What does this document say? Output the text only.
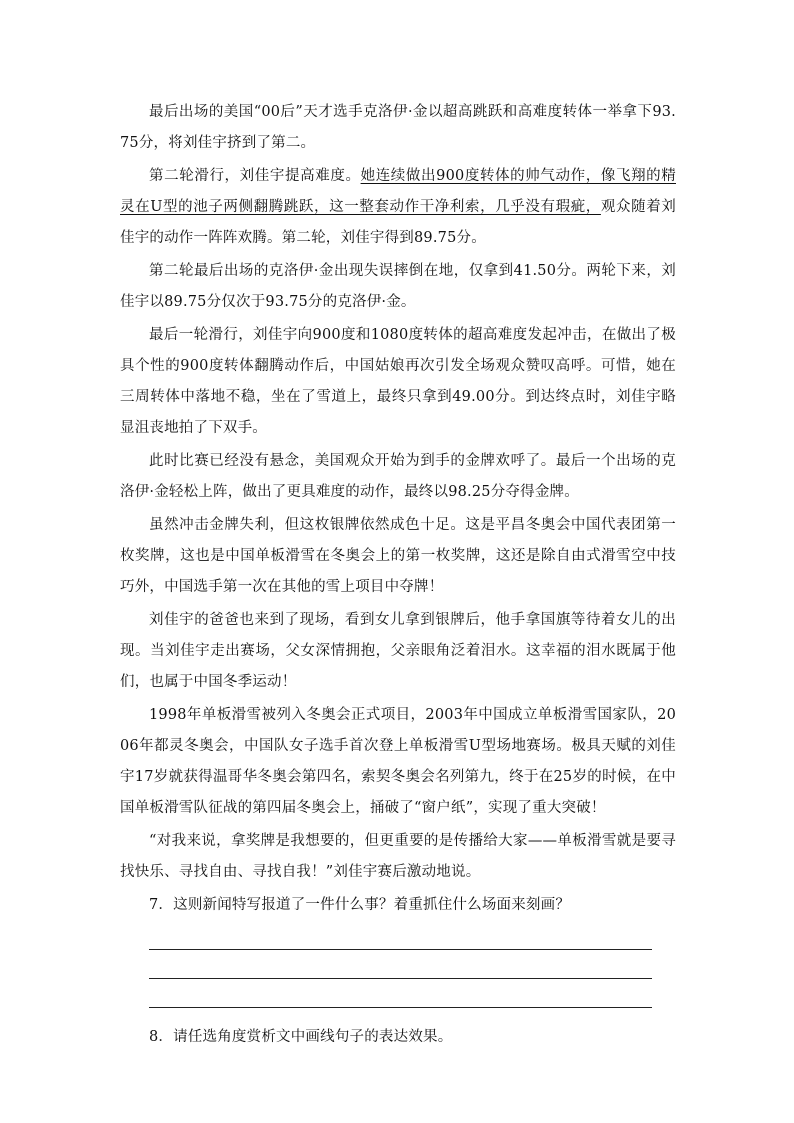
最后出场的美国“00后”天才选手克洛伊·金以超高跳跃和高难度转体一举拿下93.75分，将刘佳宇挤到了第二。

第二轮滑行，刘佳宇提高难度。她连续做出900度转体的帅气动作，像飞翔的精灵在U型的池子两侧翻腾跳跃，这一整套动作干净利索，几乎没有瑕疵，观众随着刘佳宇的动作一阵阵欢腾。第二轮，刘佳宇得到89.75分。

第二轮最后出场的克洛伊·金出现失误摔倒在地，仅拿到41.50分。两轮下来，刘佳宇以89.75分仅次于93.75分的克洛伊·金。

最后一轮滑行，刘佳宇向900度和1080度转体的超高难度发起冲击，在做出了极具个性的900度转体翻腾动作后，中国姑娘再次引发全场观众赞叹高呼。可惜，她在三周转体中落地不稳，坐在了雪道上，最终只拿到49.00分。到达终点时，刘佳宇略显沮丧地拍了下双手。

此时比赛已经没有悬念，美国观众开始为到手的金牌欢呼了。最后一个出场的克洛伊·金轻松上阵，做出了更具难度的动作，最终以98.25分夺得金牌。

虽然冲击金牌失利，但这枚银牌依然成色十足。这是平昌冬奥会中国代表团第一枚奖牌，这也是中国单板滑雪在冬奥会上的第一枚奖牌，这还是除自由式滑雪空中技巧外，中国选手第一次在其他的雪上项目中夺牌！

刘佳宇的爸爸也来到了现场，看到女儿拿到银牌后，他手拿国旗等待着女儿的出现。当刘佳宇走出赛场，父女深情拥抱，父亲眼角泛着泪水。这幸福的泪水既属于他们，也属于中国冬季运动！

1998年单板滑雪被列入冬奥会正式项目，2003年中国成立单板滑雪国家队，2006年都灵冬奥会，中国队女子选手首次登上单板滑雪U型场地赛场。极具天赋的刘佳宇17岁就获得温哥华冬奥会第四名，索契冬奥会名列第九，终于在25岁的时候，在中国单板滑雪队征战的第四届冬奥会上，捅破了“窗户纸”，实现了重大突破！

“对我来说，拿奖牌是我想要的，但更重要的是传播给大家——单板滑雪就是要寻找快乐、寻找自由、寻找自我！”刘佳宇赛后激动地说。

7．这则新闻特写报道了一件什么事？着重抓住什么场面来刻画？

8．请任选角度赏析文中画线句子的表达效果。
